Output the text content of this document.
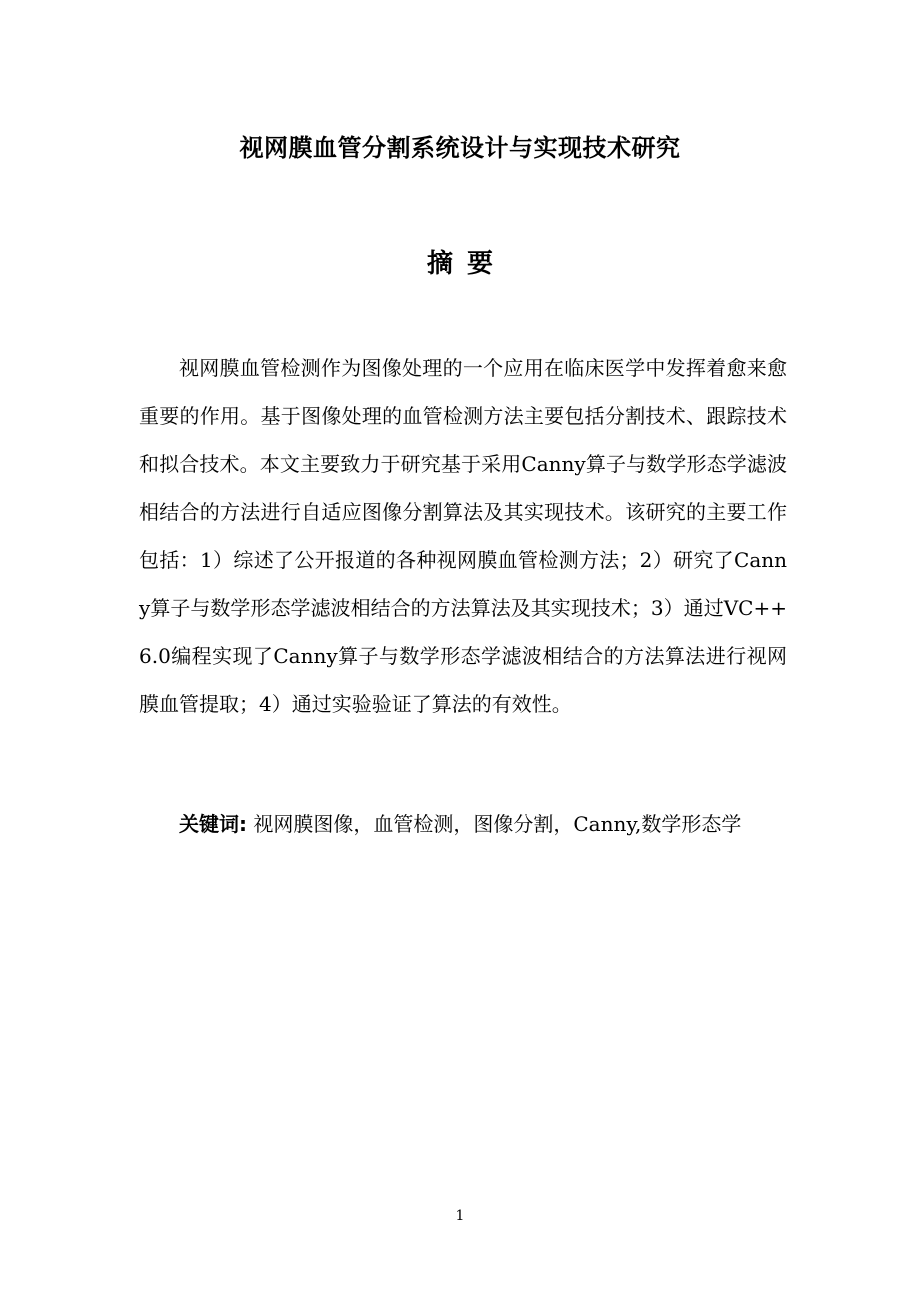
视网膜血管分割系统设计与实现技术研究
摘要

视网膜血管检测作为图像处理的一个应用在临床医学中发挥着愈来愈重要的作用。基于图像处理的血管检测方法主要包括分割技术、跟踪技术和拟合技术。本文主要致力于研究基于采用Canny算子与数学形态学滤波相结合的方法进行自适应图像分割算法及其实现技术。该研究的主要工作包括：1）综述了公开报道的各种视网膜血管检测方法；2）研究了Canny算子与数学形态学滤波相结合的方法算法及其实现技术；3）通过VC++6.0编程实现了Canny算子与数学形态学滤波相结合的方法算法进行视网膜血管提取；4）通过实验验证了算法的有效性。

关键词: 视网膜图像，血管检测，图像分割，Canny,数学形态学

1
